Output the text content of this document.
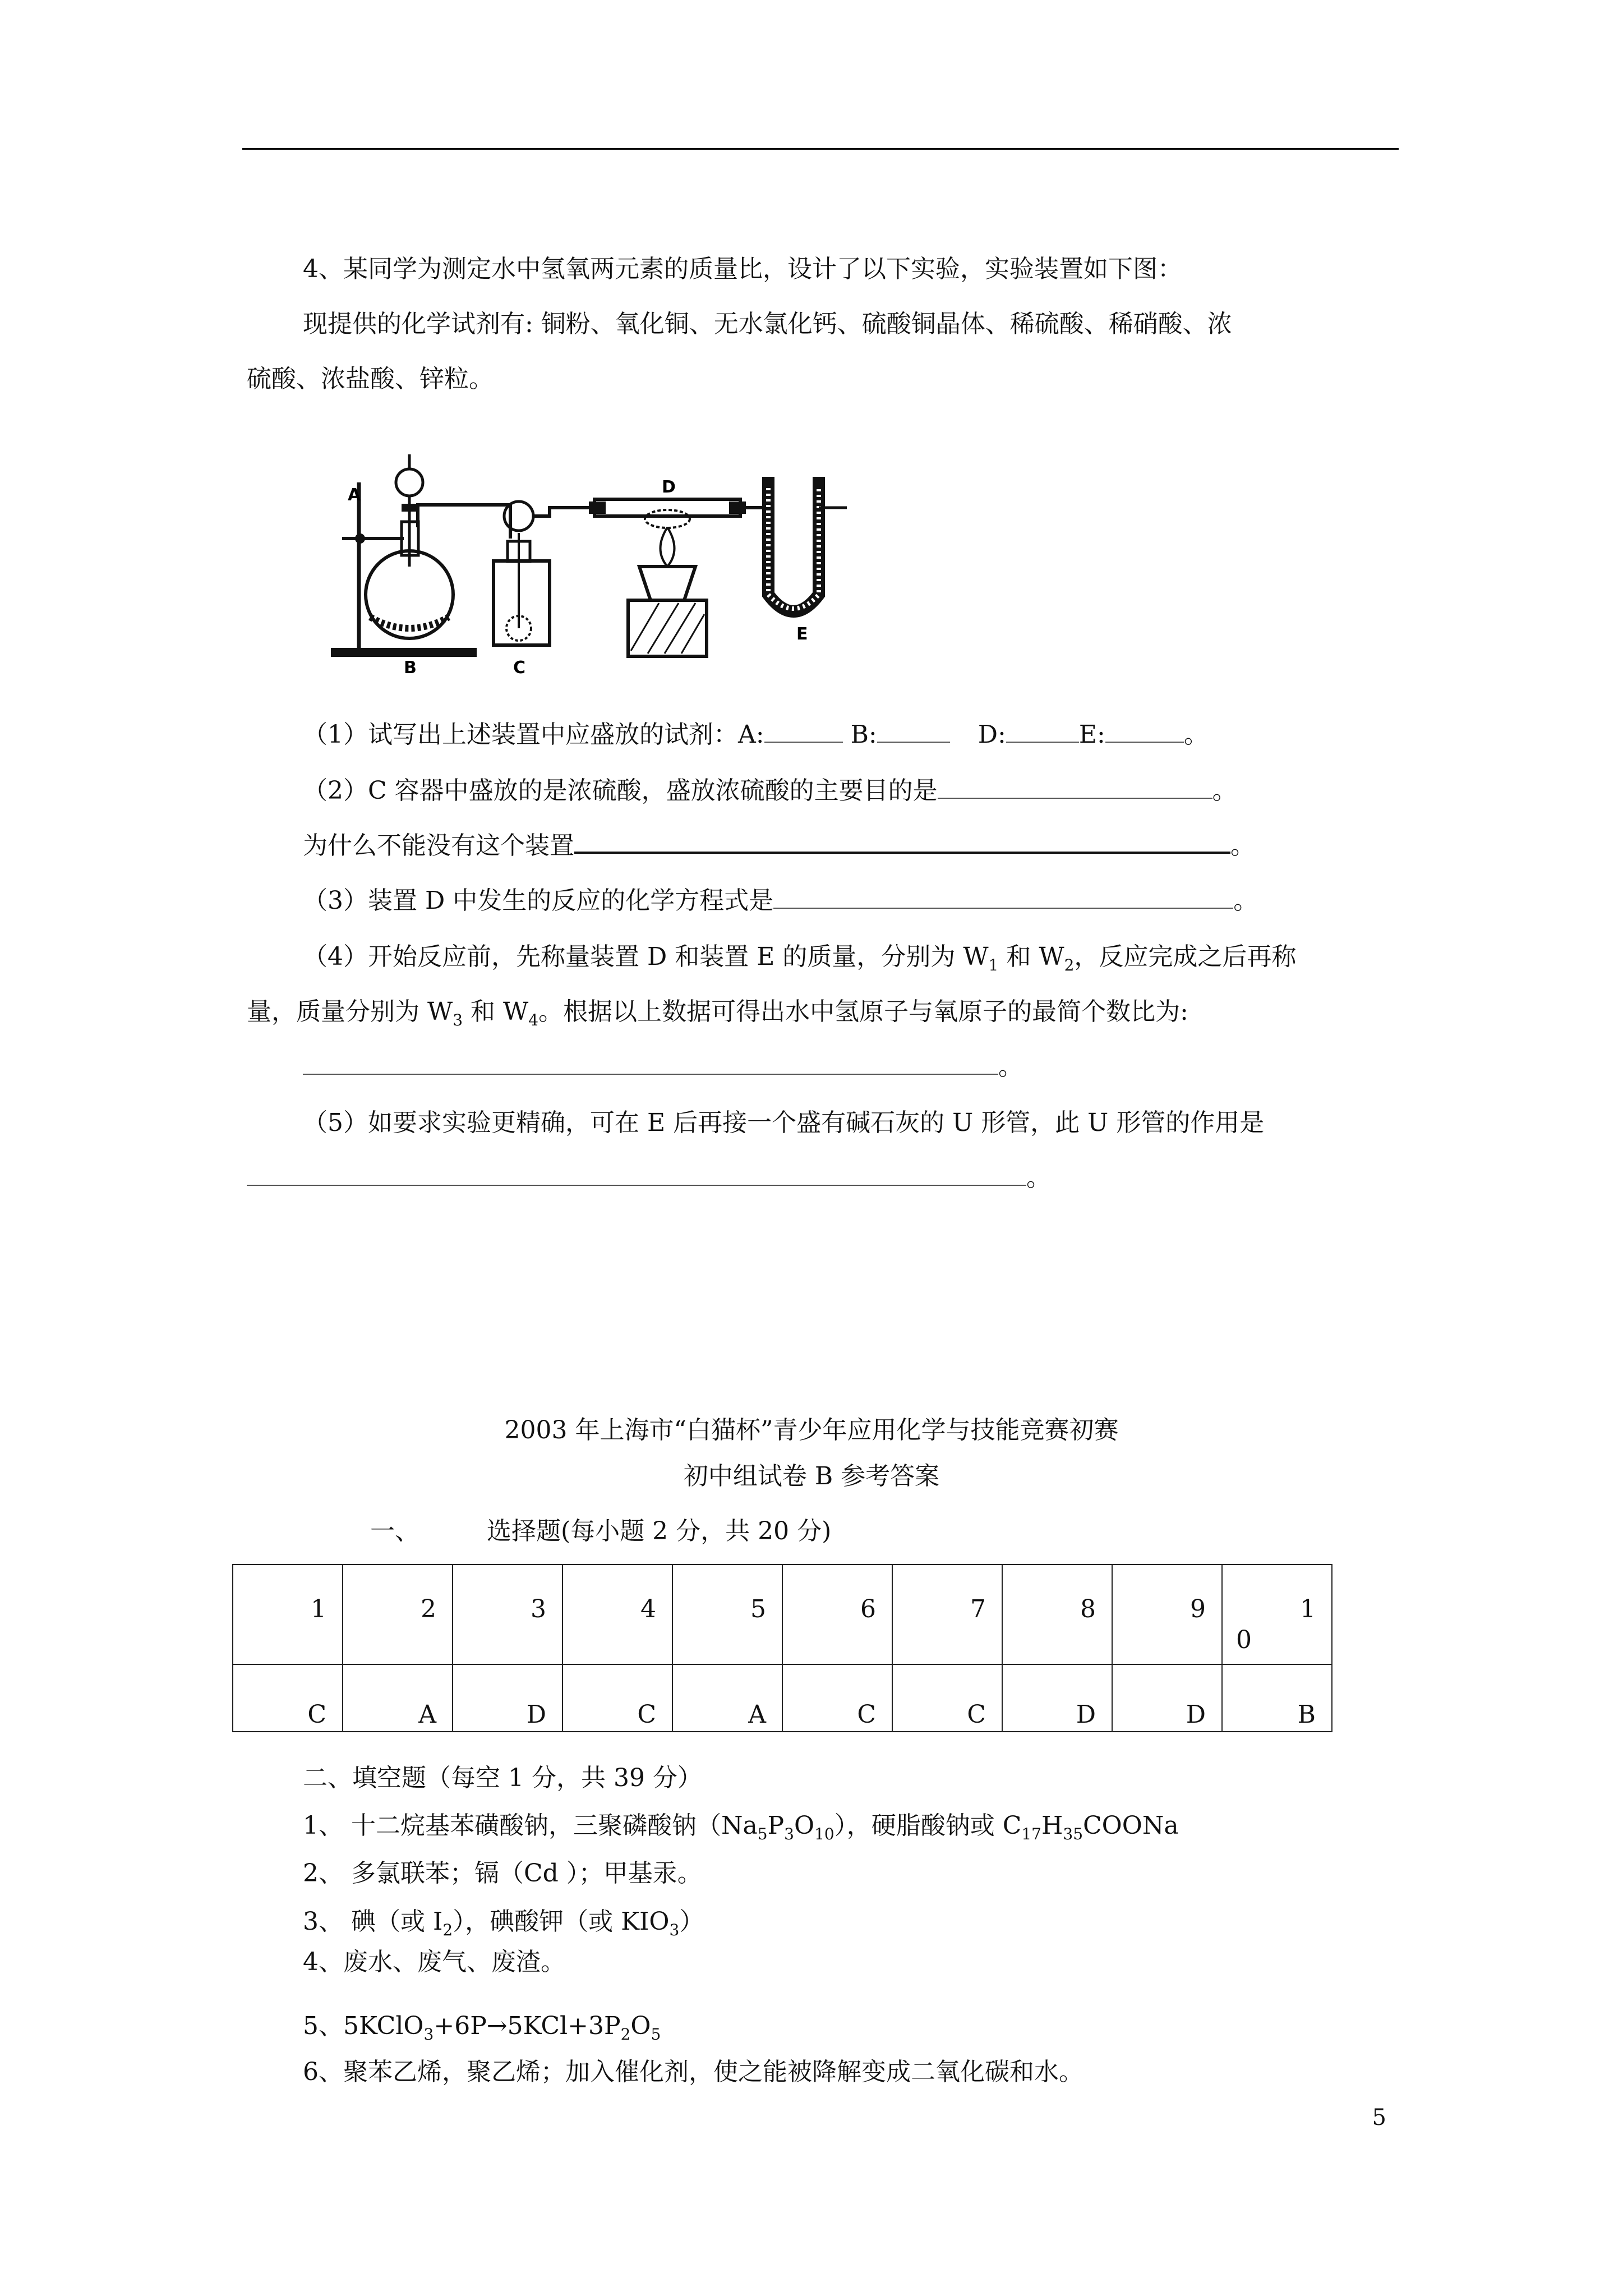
4、某同学为测定水中氢氧两元素的质量比，设计了以下实验，实验装置如下图：
现提供的化学试剂有: 铜粉、氧化铜、无水氯化钙、硫酸铜晶体、稀硫酸、稀硝酸、浓
硫酸、浓盐酸、锌粒。
A
B	C
D
E
（1）试写出上述装置中应盛放的试剂：A:	B:	D:	E:	。
（2）C 容器中盛放的是浓硫酸，盛放浓硫酸的主要目的是	。
为什么不能没有这个装置	。
（3）装置 D 中发生的反应的化学方程式是	。
（4）开始反应前，先称量装置 D 和装置 E 的质量，分别为 $W_1$ 和 $W_2$，反应完成之后再称
量，质量分别为 $W_3$ 和 $W_4$。根据以上数据可得出水中氢原子与氧原子的最简个数比为:
。
（5）如要求实验更精确，可在 E 后再接一个盛有碱石灰的 U 形管，此 U 形管的作用是
。
2003 年上海市“白猫杯”青少年应用化学与技能竞赛初赛
初中组试卷 B 参考答案
一、	选择题(每小题 2 分，共 20 分)
1	2	3	4	5	6	7	8	9	1
0

C	A	D	C	A	C	C	D	D	B
二、填空题（每空 1 分，共 39 分）
1、 十二烷基苯磺酸钠，三聚磷酸钠$(Na_5P_3O_{10})$，硬脂酸钠或 $C_{17}H_{35}COONa$
2、 多氯联苯；镉（Cd ）；甲基汞。
3、 碘（或 $I_2$），碘酸钾（或 $KIO_3$）
4、废水、废气、废渣。
5、$5KClO_3+6P\to 5KCl+3P_2O_5$
6、聚苯乙烯，聚乙烯；加入催化剂，使之能被降解变成二氧化碳和水。
5
